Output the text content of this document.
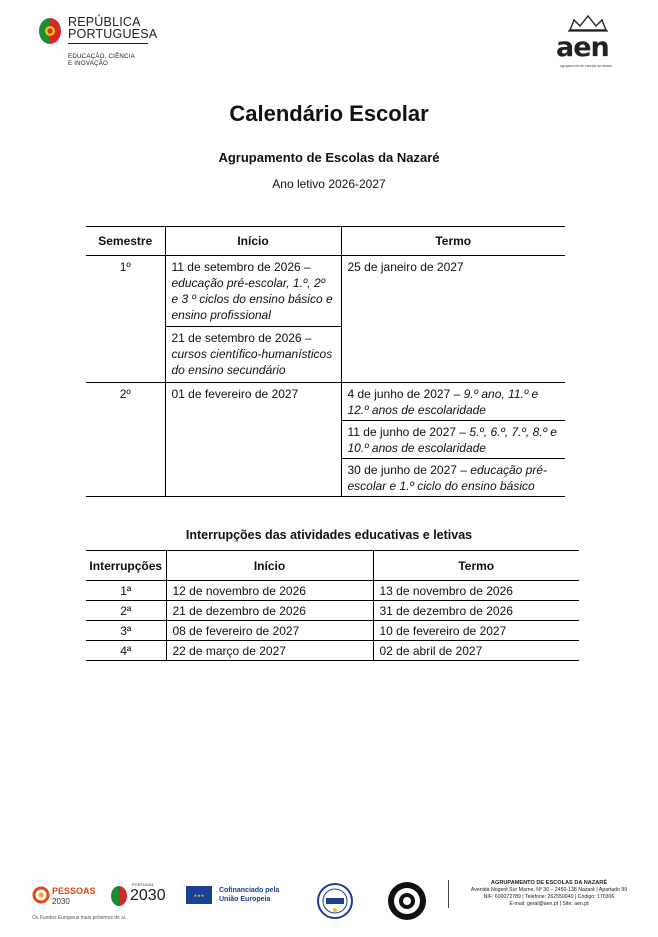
REPÚBLICA
PORTUGUESA
EDUCAÇÃO, CIÊNCIA
E INOVAÇÃO
aen
agrupamento de escolas da nazaré
Calendário Escolar
Agrupamento de Escolas da Nazaré
Ano letivo 2026-2027
Semestre	Início	Termo
1º	11 de setembro de 2026 – educação pré-escolar, 1.º, 2º e 3 º ciclos do ensino básico e ensino profissional	25 de janeiro de 2027
	21 de setembro de 2026 – cursos científico-humanísticos do ensino secundário	
2º	01 de fevereiro de 2027	4 de junho de 2027 – 9.º ano, 11.º e 12.º anos de escolaridade
		11 de junho de 2027 – 5.º, 6.º, 7.º, 8.º e 10.º anos de escolaridade
		30 de junho de 2027 – educação pré-escolar e 1.º ciclo do ensino básico
Interrupções das atividades educativas e letivas
Interrupções	Início	Termo
1ª	12 de novembro de 2026	13 de novembro de 2026
2ª	21 de dezembro de 2026	31 de dezembro de 2026
3ª	08 de fevereiro de 2027	10 de fevereiro de 2027
4ª	22 de março de 2027	02 de abril de 2027
PESSOAS
2030
Os Fundos Europeus mais próximos de si.
PORTUGAL
2030	★★★
Cofinanciado pela
União Europeia
AGRUPAMENTO DE ESCOLAS DA NAZARÉ
Avenida Nogent Sur Marne, Nº 30 – 2450-138 Nazaré | Apartado 99
NIF: 600072789 | Telefone: 262550040 | Código: 170306
E-mail: geral@aen.pt | Site: aen.pt
